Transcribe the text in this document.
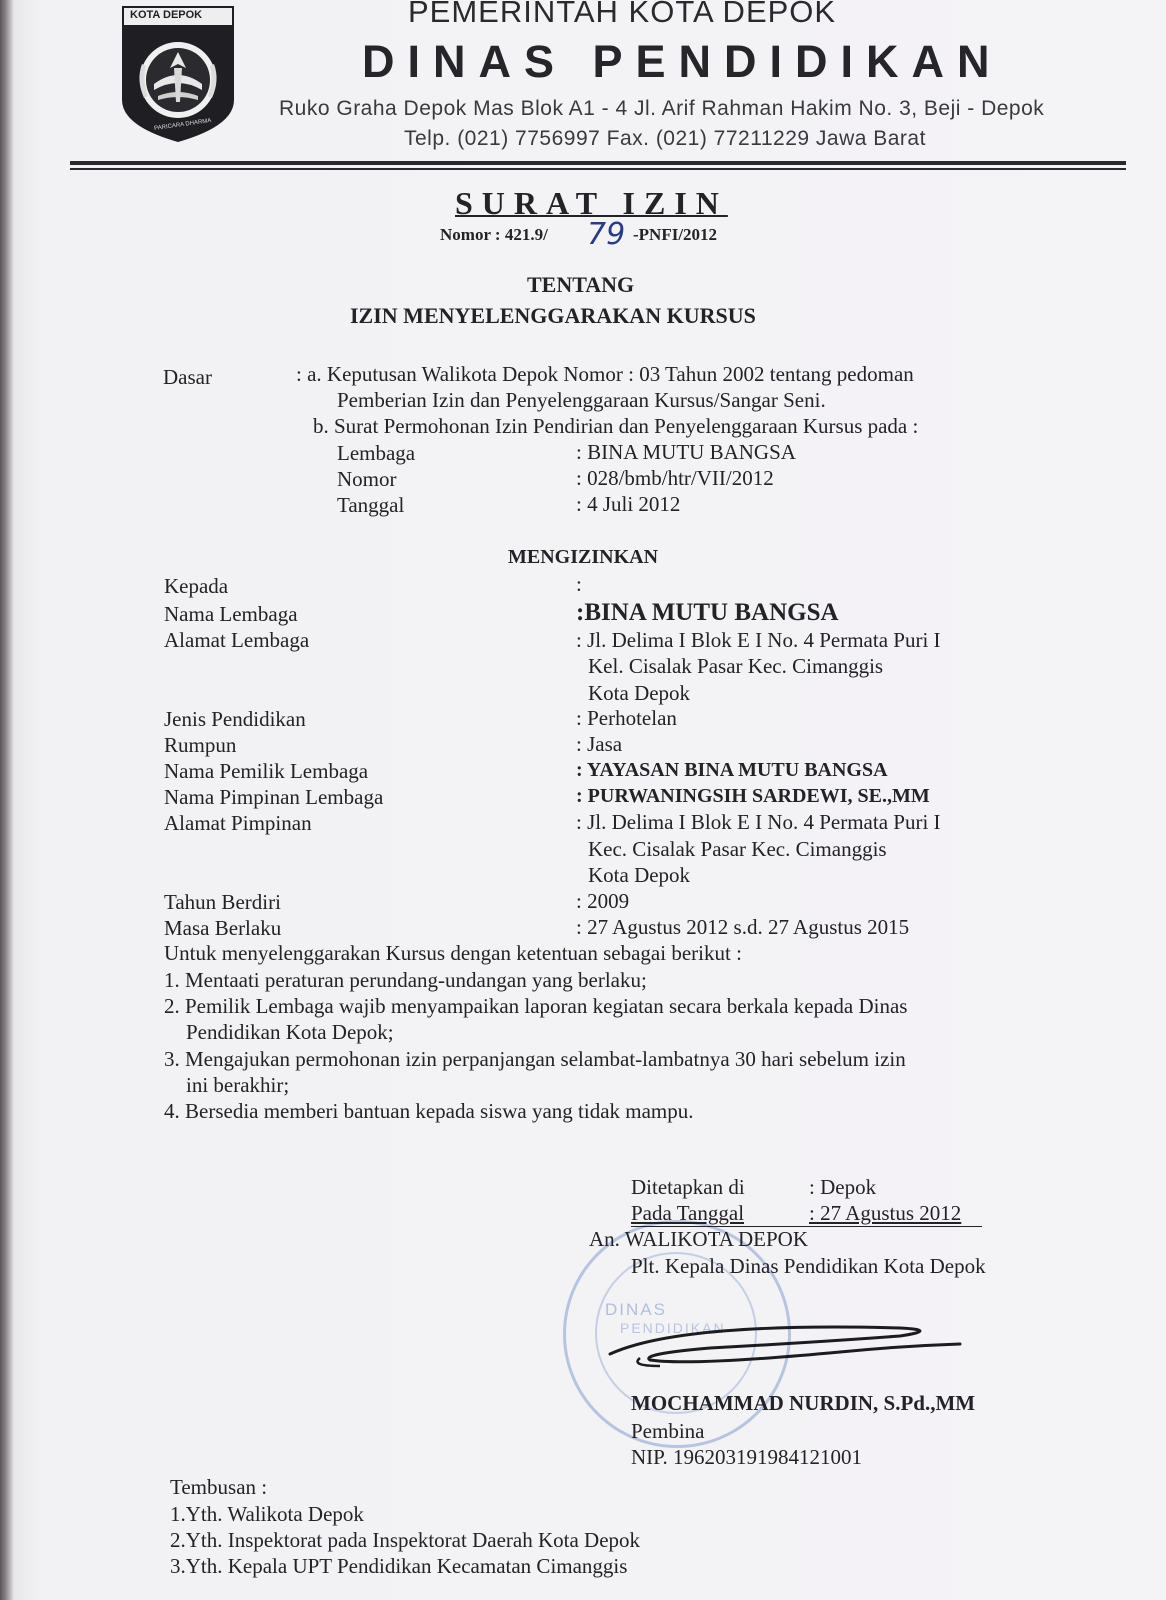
KOTA DEPOK
PARICARA DHARMA
PEMERINTAH KOTA DEPOK
DINAS PENDIDIKAN
Ruko Graha Depok Mas Blok A1 - 4 Jl. Arif Rahman Hakim No. 3, Beji - Depok
Telp. (021) 7756997 Fax. (021) 77211229 Jawa Barat
SURAT IZIN
Nomor : 421.9/ 79 -PNFI/2012
TENTANG
IZIN MENYELENGGARAKAN KURSUS
Dasar	: a. Keputusan Walikota Depok Nomor : 03 Tahun 2002 tentang pedoman
Pemberian Izin dan Penyelenggaraan Kursus/Sangar Seni.
b. Surat Permohonan Izin Pendirian dan Penyelenggaraan Kursus pada :
Lembaga	: BINA MUTU BANGSA
Nomor	: 028/bmb/htr/VII/2012
Tanggal	: 4 Juli 2012
MENGIZINKAN
Kepada	:
Nama Lembaga	:BINA MUTU BANGSA
Alamat Lembaga	: Jl. Delima I Blok E I No. 4 Permata Puri I
Kel. Cisalak Pasar Kec. Cimanggis
Kota Depok
Jenis Pendidikan	: Perhotelan
Rumpun	: Jasa
Nama Pemilik Lembaga	: YAYASAN BINA MUTU BANGSA
Nama Pimpinan Lembaga	: PURWANINGSIH SARDEWI, SE.,MM
Alamat Pimpinan	: Jl. Delima I Blok E I No. 4 Permata Puri I
Kec. Cisalak Pasar Kec. Cimanggis
Kota Depok
Tahun Berdiri	: 2009
Masa Berlaku	: 27 Agustus 2012 s.d. 27 Agustus 2015
Untuk menyelenggarakan Kursus dengan ketentuan sebagai berikut :
1. Mentaati peraturan perundang-undangan yang berlaku;
2. Pemilik Lembaga wajib menyampaikan laporan kegiatan secara berkala kepada Dinas
Pendidikan Kota Depok;
3. Mengajukan permohonan izin perpanjangan selambat-lambatnya 30 hari sebelum izin
ini berakhir;
4. Bersedia memberi bantuan kepada siswa yang tidak mampu.
DINAS
PENDIDIKAN
Ditetapkan di	: Depok
Pada Tanggal	: 27 Agustus 2012
An. WALIKOTA DEPOK
Plt. Kepala Dinas Pendidikan Kota Depok
MOCHAMMAD NURDIN, S.Pd.,MM
Pembina
NIP. 196203191984121001
Tembusan :
1.Yth. Walikota Depok
2.Yth. Inspektorat pada Inspektorat Daerah Kota Depok
3.Yth. Kepala UPT Pendidikan Kecamatan Cimanggis
